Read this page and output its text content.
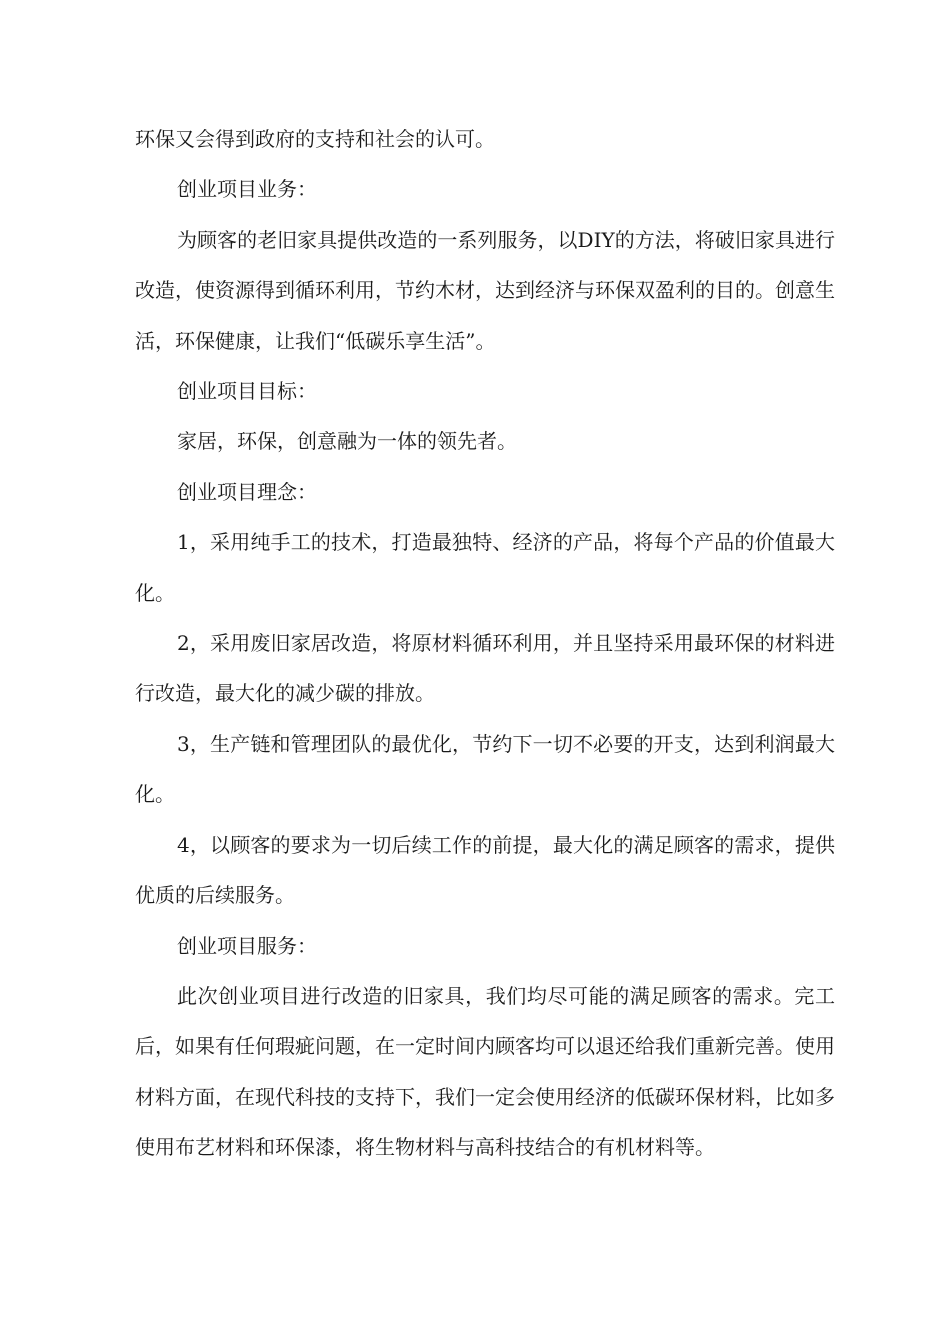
环保又会得到政府的支持和社会的认可。

创业项目业务：

为顾客的老旧家具提供改造的一系列服务，以DIY的方法，将破旧家具进行改造，使资源得到循环利用，节约木材，达到经济与环保双盈利的目的。创意生活，环保健康，让我们“低碳乐享生活”。

创业项目目标：

家居，环保，创意融为一体的领先者。

创业项目理念：

1，采用纯手工的技术，打造最独特、经济的产品，将每个产品的价值最大化。

2，采用废旧家居改造，将原材料循环利用，并且坚持采用最环保的材料进行改造，最大化的减少碳的排放。

3，生产链和管理团队的最优化，节约下一切不必要的开支，达到利润最大化。

4，以顾客的要求为一切后续工作的前提，最大化的满足顾客的需求，提供优质的后续服务。

创业项目服务：

此次创业项目进行改造的旧家具，我们均尽可能的满足顾客的需求。完工后，如果有任何瑕疵问题，在一定时间内顾客均可以退还给我们重新完善。使用材料方面，在现代科技的支持下，我们一定会使用经济的低碳环保材料，比如多使用布艺材料和环保漆，将生物材料与高科技结合的有机材料等。
